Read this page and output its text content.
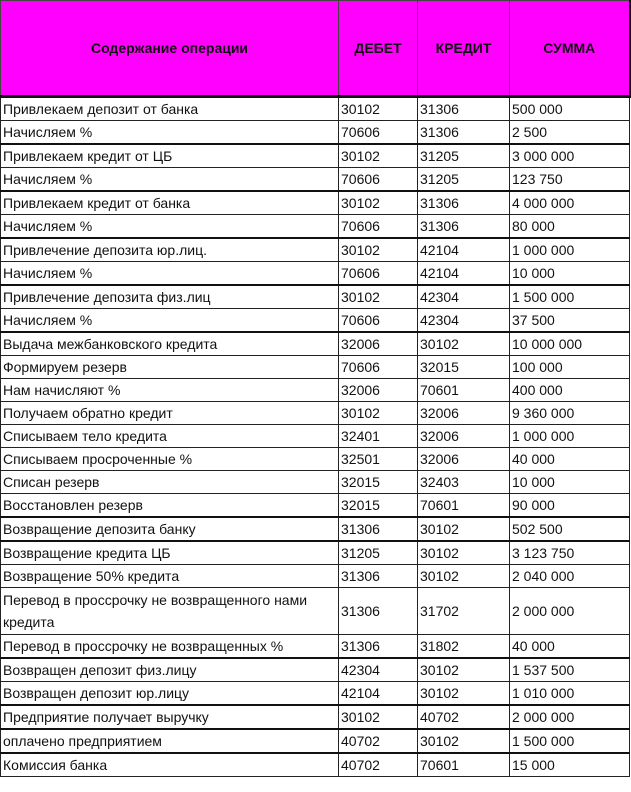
Содержание операции	ДЕБЕТ	КРЕДИТ	СУММА
Привлекаем депозит от банка	30102	31306	500 000
Начисляем %	70606	31306	2 500
Привлекаем кредит от ЦБ	30102	31205	3 000 000
Начисляем %	70606	31205	123 750
Привлекаем кредит от банка	30102	31306	4 000 000
Начисляем %	70606	31306	80 000
Привлечение депозита юр.лиц.	30102	42104	1 000 000
Начисляем %	70606	42104	10 000
Привлечение депозита физ.лиц	30102	42304	1 500 000
Начисляем %	70606	42304	37 500
Выдача межбанковского кредита	32006	30102	10 000 000
Формируем резерв	70606	32015	100 000
Нам начисляют %	32006	70601	400 000
Получаем обратно кредит	30102	32006	9 360 000
Списываем тело кредита	32401	32006	1 000 000
Списываем просроченные %	32501	32006	40 000
Списан резерв	32015	32403	10 000
Восстановлен резерв	32015	70601	90 000
Возвращение депозита банку	31306	30102	502 500
Возвращение кредита ЦБ	31205	30102	3 123 750
Возвращение 50% кредита	31306	30102	2 040 000
Перевод в проссрочку не возвращенного нами кредита	31306	31702	2 000 000
Перевод в проссрочку не возвращенных %	31306	31802	40 000
Возвращен депозит физ.лицу	42304	30102	1 537 500
Возвращен депозит юр.лицу	42104	30102	1 010 000
Предприятие получает выручку	30102	40702	2 000 000
оплачено предприятием	40702	30102	1 500 000
Комиссия банка	40702	70601	15 000
